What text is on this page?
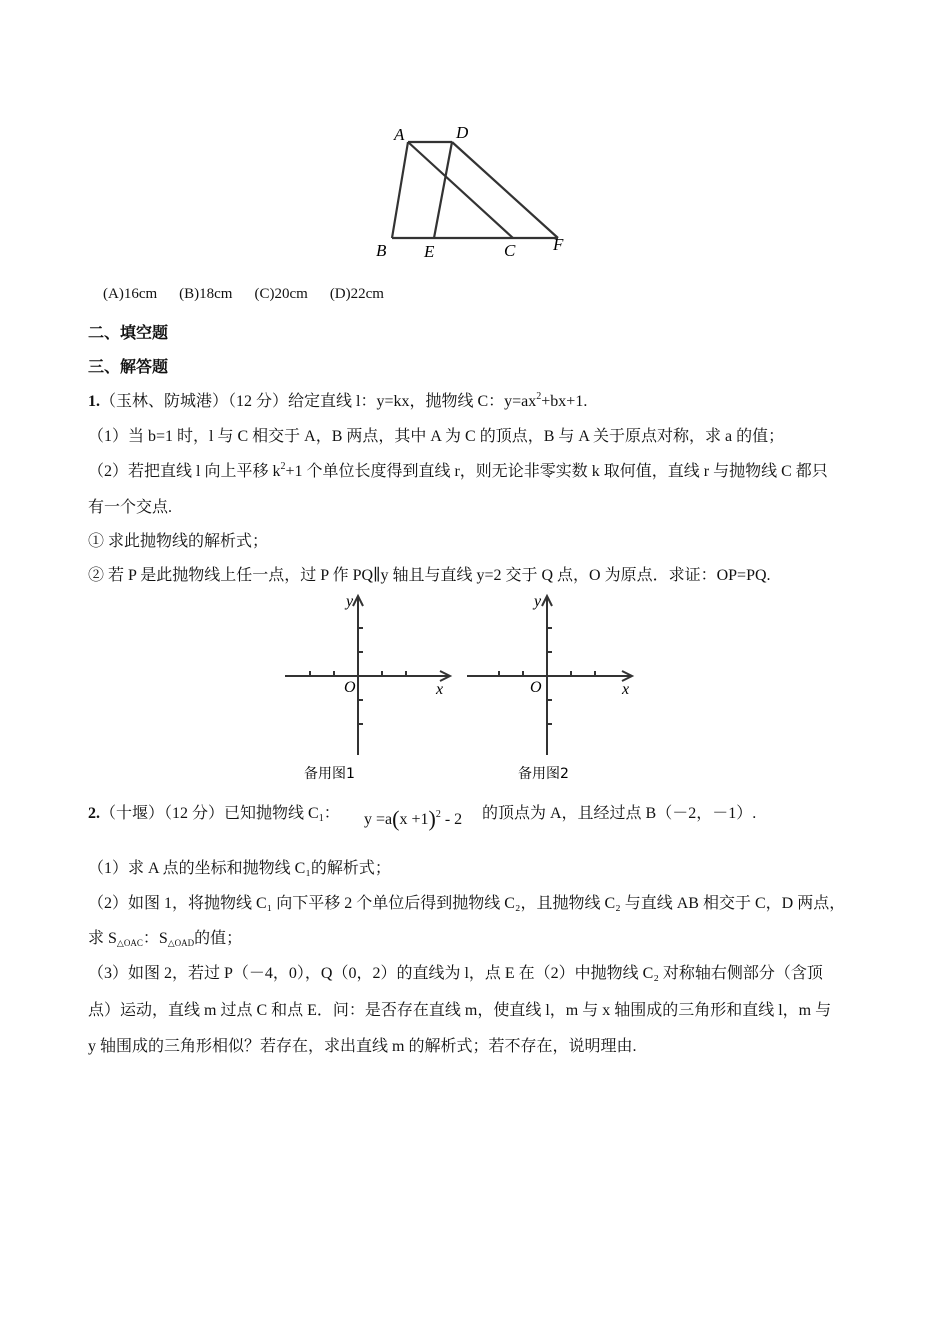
A	D
B E	C F
(A)16cm (B)18cm (C)20cm (D)22cm
二、填空题
三、解答题
1.（玉林、防城港）（12 分）给定直线 l：y=kx，抛物线 C：$y=ax^2+bx+1$.
（1）当 b=1 时，l 与 C 相交于 A，B 两点，其中 A 为 C 的顶点，B 与 A 关于原点对称，求 a 的值；
（2）若把直线 l 向上平移 $k^2+1$ 个单位长度得到直线 r，则无论非零实数 k 取何值，直线 r 与抛物线 C 都只
有一个交点.
① 求此抛物线的解析式；
② 若 P 是此抛物线上任一点，过 P 作 PQ∥y 轴且与直线 y=2 交于 Q 点，O 为原点．求证：OP=PQ.
y
O	x
备用图1
y
O	x
备用图2
2.（十堰）（12 分）已知抛物线 $C_1$： $y =a(x +1)^2 - 2$ 的顶点为 A，且经过点 B（－2，－1）.
（1）求 A 点的坐标和抛物线 C₁的解析式；
（2）如图 1，将抛物线 C₁ 向下平移 2 个单位后得到抛物线 C₂，且抛物线 C₂ 与直线 AB 相交于 C，D 两点，
求 $S_{\triangle OAC}$：$S_{\triangle OAD}$的值；
（3）如图 2，若过 P（－4，0），Q（0，2）的直线为 l，点 E 在（2）中抛物线 C₂ 对称轴右侧部分（含顶
点）运动，直线 m 过点 C 和点 E．问：是否存在直线 m，使直线 l，m 与 x 轴围成的三角形和直线 l，m 与
y 轴围成的三角形相似？若存在，求出直线 m 的解析式；若不存在，说明理由.
